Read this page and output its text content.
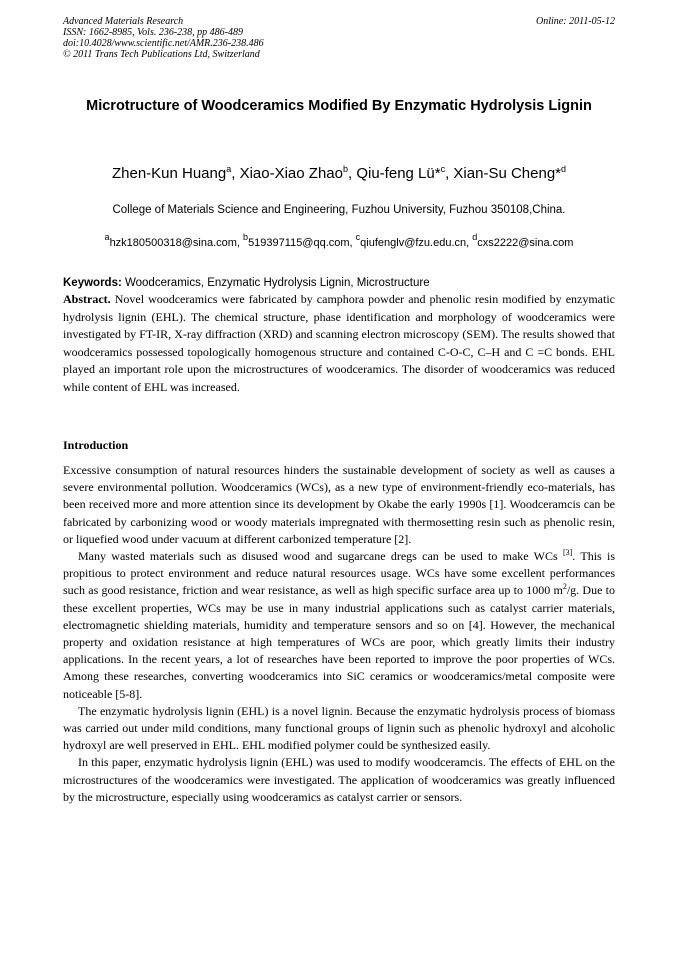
Advanced Materials Research
ISSN: 1662-8985, Vols. 236-238, pp 486-489
doi:10.4028/www.scientific.net/AMR.236-238.486
© 2011 Trans Tech Publications Ltd, Switzerland
Online: 2011-05-12
Microtructure of Woodceramics Modified By Enzymatic Hydrolysis Lignin
Zhen-Kun Huang$^a$, Xiao-Xiao Zhao$^b$, Qiu-feng Lü*$^c$, Xian-Su Cheng*$^d$
College of Materials Science and Engineering, Fuzhou University, Fuzhou 350108,China.
$^a$hzk180500318@sina.com, $^b$519397115@qq.com, $^c$qiufenglv@fzu.edu.cn, $^d$cxs2222@sina.com
Keywords: Woodceramics, Enzymatic Hydrolysis Lignin, Microstructure
Abstract. Novel woodceramics were fabricated by camphora powder and phenolic resin modified by enzymatic hydrolysis lignin (EHL). The chemical structure, phase identification and morphology of woodceramics were investigated by FT-IR, X-ray diffraction (XRD) and scanning electron microscopy (SEM). The results showed that woodceramics possessed topologically homogenous structure and contained C-O-C, C–H and C =C bonds. EHL played an important role upon the microstructures of woodceramics. The disorder of woodceramics was reduced while content of EHL was increased.
Introduction

Excessive consumption of natural resources hinders the sustainable development of society as well as causes a severe environmental pollution. Woodceramics (WCs), as a new type of environment-friendly eco-materials, has been received more and more attention since its development by Okabe the early 1990s [1]. Woodceramcis can be fabricated by carbonizing wood or woody materials impregnated with thermosetting resin such as phenolic resin, or liquefied wood under vacuum at different carbonized temperature [2].

Many wasted materials such as disused wood and sugarcane dregs can be used to make WCs [3]. This is propitious to protect environment and reduce natural resources usage. WCs have some excellent performances such as good resistance, friction and wear resistance, as well as high specific surface area up to 1000 $m^2/g$. Due to these excellent properties, WCs may be use in many industrial applications such as catalyst carrier materials, electromagnetic shielding materials, humidity and temperature sensors and so on [4]. However, the mechanical property and oxidation resistance at high temperatures of WCs are poor, which greatly limits their industry applications. In the recent years, a lot of researches have been reported to improve the poor properties of WCs. Among these researches, converting woodceramics into SiC ceramics or woodceramics/metal composite were noticeable [5-8].

The enzymatic hydrolysis lignin (EHL) is a novel lignin. Because the enzymatic hydrolysis process of biomass was carried out under mild conditions, many functional groups of lignin such as phenolic hydroxyl and alcoholic hydroxyl are well preserved in EHL. EHL modified polymer could be synthesized easily.

In this paper, enzymatic hydrolysis lignin (EHL) was used to modify woodceramcis. The effects of EHL on the microstructures of the woodceramics were investigated. The application of woodceramics was greatly influenced by the microstructure, especially using woodceramics as catalyst carrier or sensors.
